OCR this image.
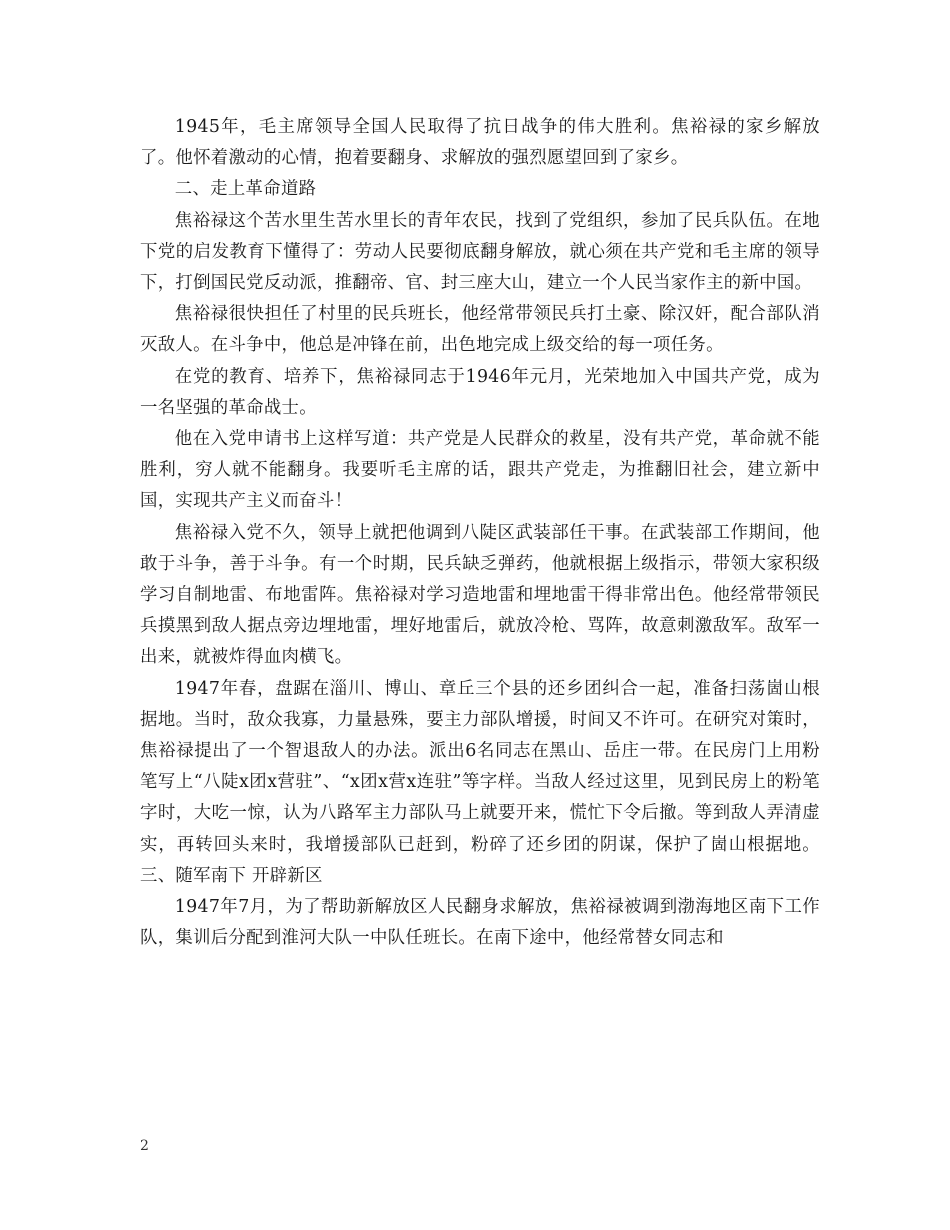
1945年，毛主席领导全国人民取得了抗日战争的伟大胜利。焦裕禄的家乡解放了。他怀着激动的心情，抱着要翻身、求解放的强烈愿望回到了家乡。

二、走上革命道路

焦裕禄这个苦水里生苦水里长的青年农民，找到了党组织，参加了民兵队伍。在地下党的启发教育下懂得了：劳动人民要彻底翻身解放，就心须在共产党和毛主席的领导下，打倒国民党反动派，推翻帝、官、封三座大山，建立一个人民当家作主的新中国。

焦裕禄很快担任了村里的民兵班长，他经常带领民兵打土豪、除汉奸，配合部队消灭敌人。在斗争中，他总是冲锋在前，出色地完成上级交给的每一项任务。

在党的教育、培养下，焦裕禄同志于1946年元月，光荣地加入中国共产党，成为一名坚强的革命战士。

他在入党申请书上这样写道：共产党是人民群众的救星，没有共产党，革命就不能胜利，穷人就不能翻身。我要听毛主席的话，跟共产党走，为推翻旧社会，建立新中国，实现共产主义而奋斗！

焦裕禄入党不久，领导上就把他调到八陡区武装部任干事。在武装部工作期间，他敢于斗争，善于斗争。有一个时期，民兵缺乏弹药，他就根据上级指示，带领大家积级学习自制地雷、布地雷阵。焦裕禄对学习造地雷和埋地雷干得非常出色。他经常带领民兵摸黑到敌人据点旁边埋地雷，埋好地雷后，就放冷枪、骂阵，故意刺激敌军。敌军一出来，就被炸得血肉横飞。

1947年春，盘踞在淄川、博山、章丘三个县的还乡团纠合一起，准备扫荡崮山根据地。当时，敌众我寡，力量悬殊，要主力部队增援，时间又不许可。在研究对策时，焦裕禄提出了一个智退敌人的办法。派出6名同志在黑山、岳庄一带。在民房门上用粉笔写上“八陡x团x营驻”、“x团x营x连驻”等字样。当敌人经过这里，见到民房上的粉笔字时，大吃一惊，认为八路军主力部队马上就要开来，慌忙下令后撤。等到敌人弄清虚实，再转回头来时，我增援部队已赶到，粉碎了还乡团的阴谋，保护了崮山根据地。 三、随军南下 开辟新区

1947年7月，为了帮助新解放区人民翻身求解放，焦裕禄被调到渤海地区南下工作队，集训后分配到淮河大队一中队任班长。在南下途中，他经常替女同志和

2
